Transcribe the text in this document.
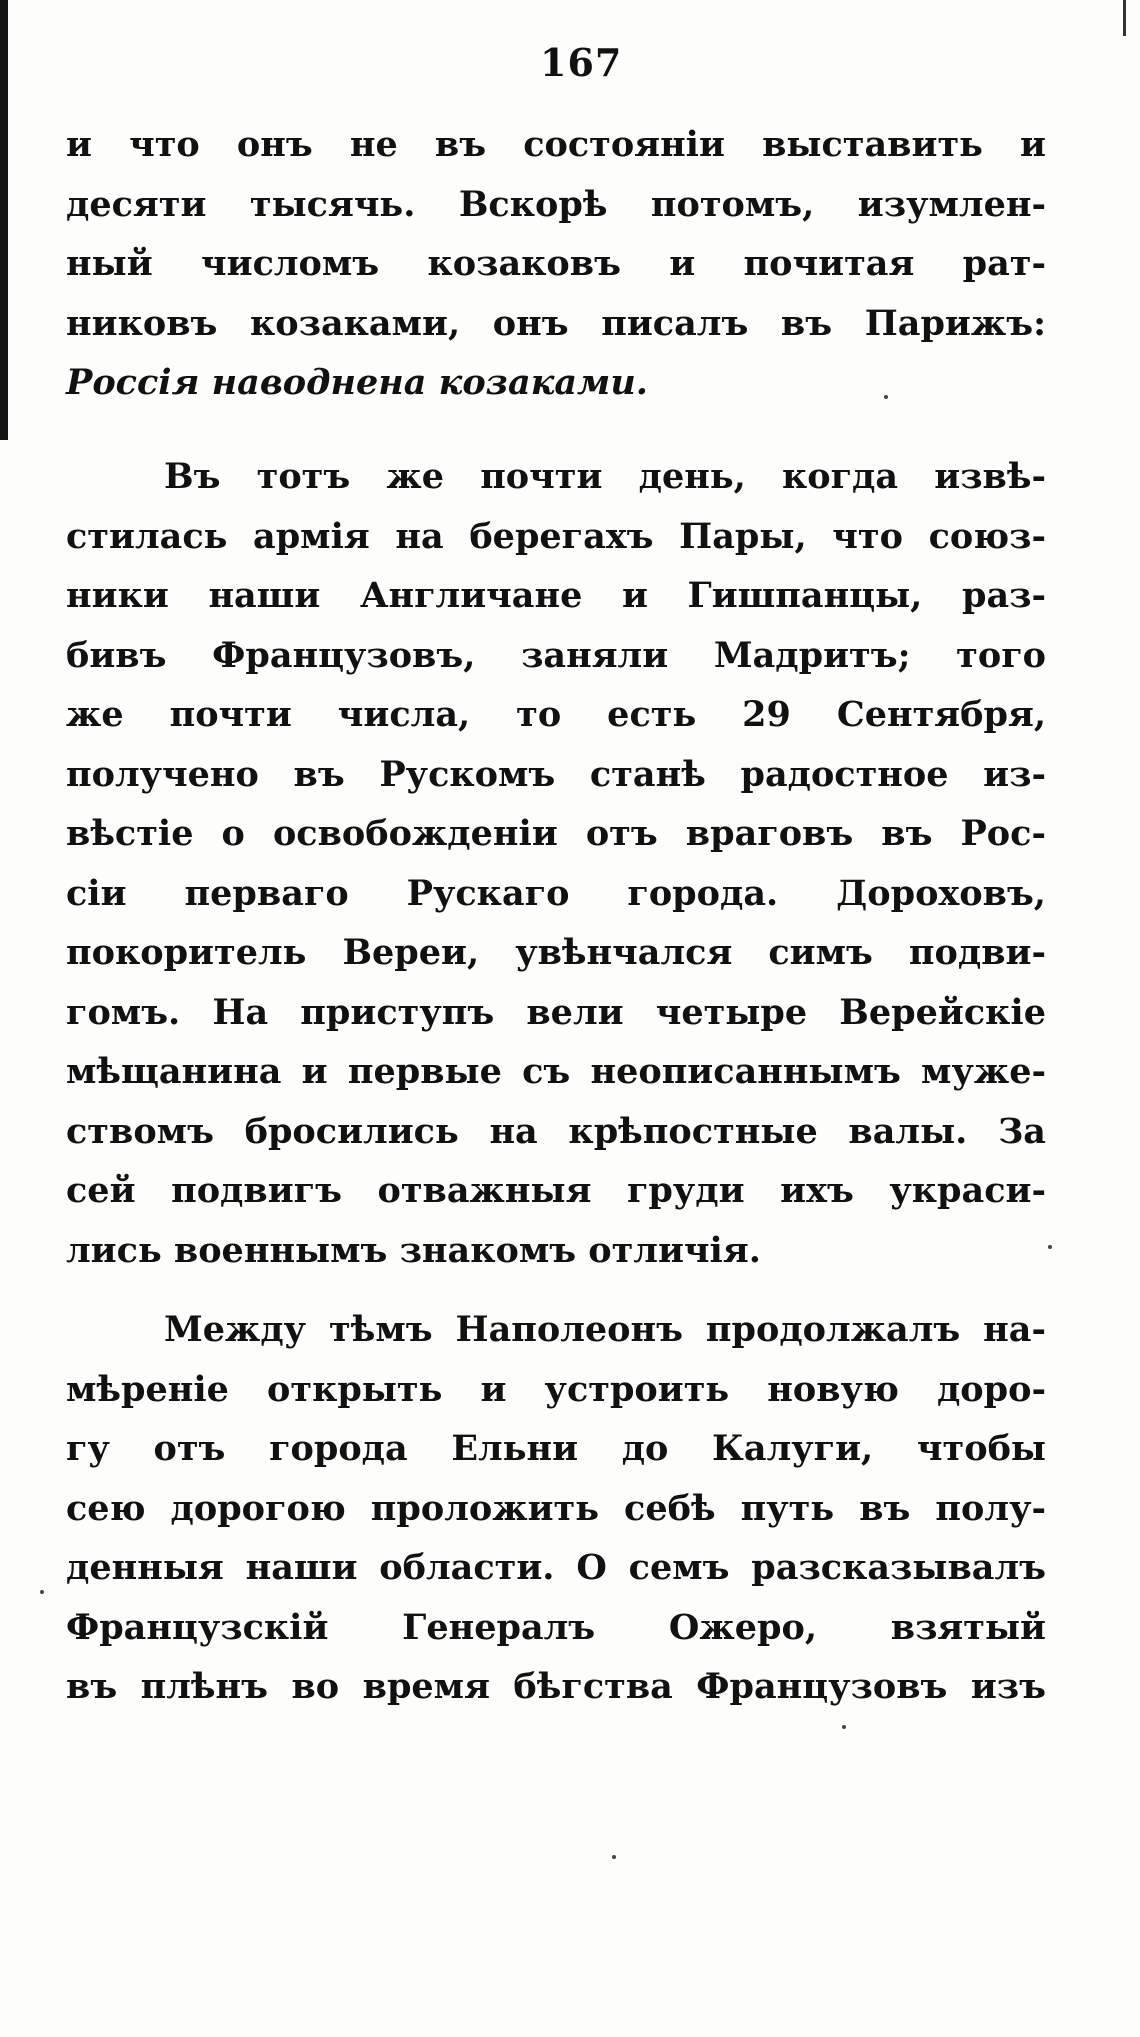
167
и что онъ не въ состоянiи выставить и
десяти тысячь. Вскорѣ потомъ, изумлен-
ный числомъ козаковъ и почитая рат-
никовъ козаками, онъ писалъ въ Парижъ:
Россiя наводнена козаками.
Въ тотъ же почти день, когда извѣ-
стилась армiя на берегахъ Пары, что союз-
ники наши Англичане и Гишпанцы, раз-
бивъ Французовъ, заняли Мадритъ; того
же почти числа, то есть 29 Сентября,
получено въ Рускомъ станѣ радостное из-
вѣстiе о освобожденiи отъ враговъ въ Рос-
сiи перваго Рускаго города. Дороховъ,
покоритель Вереи, увѣнчался симъ подви-
гомъ. На приступъ вели четыре Верейскiе
мѣщанина и первые съ неописаннымъ муже-
ствомъ бросились на крѣпостные валы. За
сей подвигъ отважныя груди ихъ украси-
лись военнымъ знакомъ отличiя.
Между тѣмъ Наполеонъ продолжалъ на-
мѣренiе открыть и устроить новую доро-
гу отъ города Ельни до Калуги, чтобы
сею дорогою проложить себѣ путь въ полу-
денныя наши области. О семъ разсказывалъ
Французскiй Генералъ Ожеро, взятый
въ плѣнъ во время бѣгства Французовъ изъ
